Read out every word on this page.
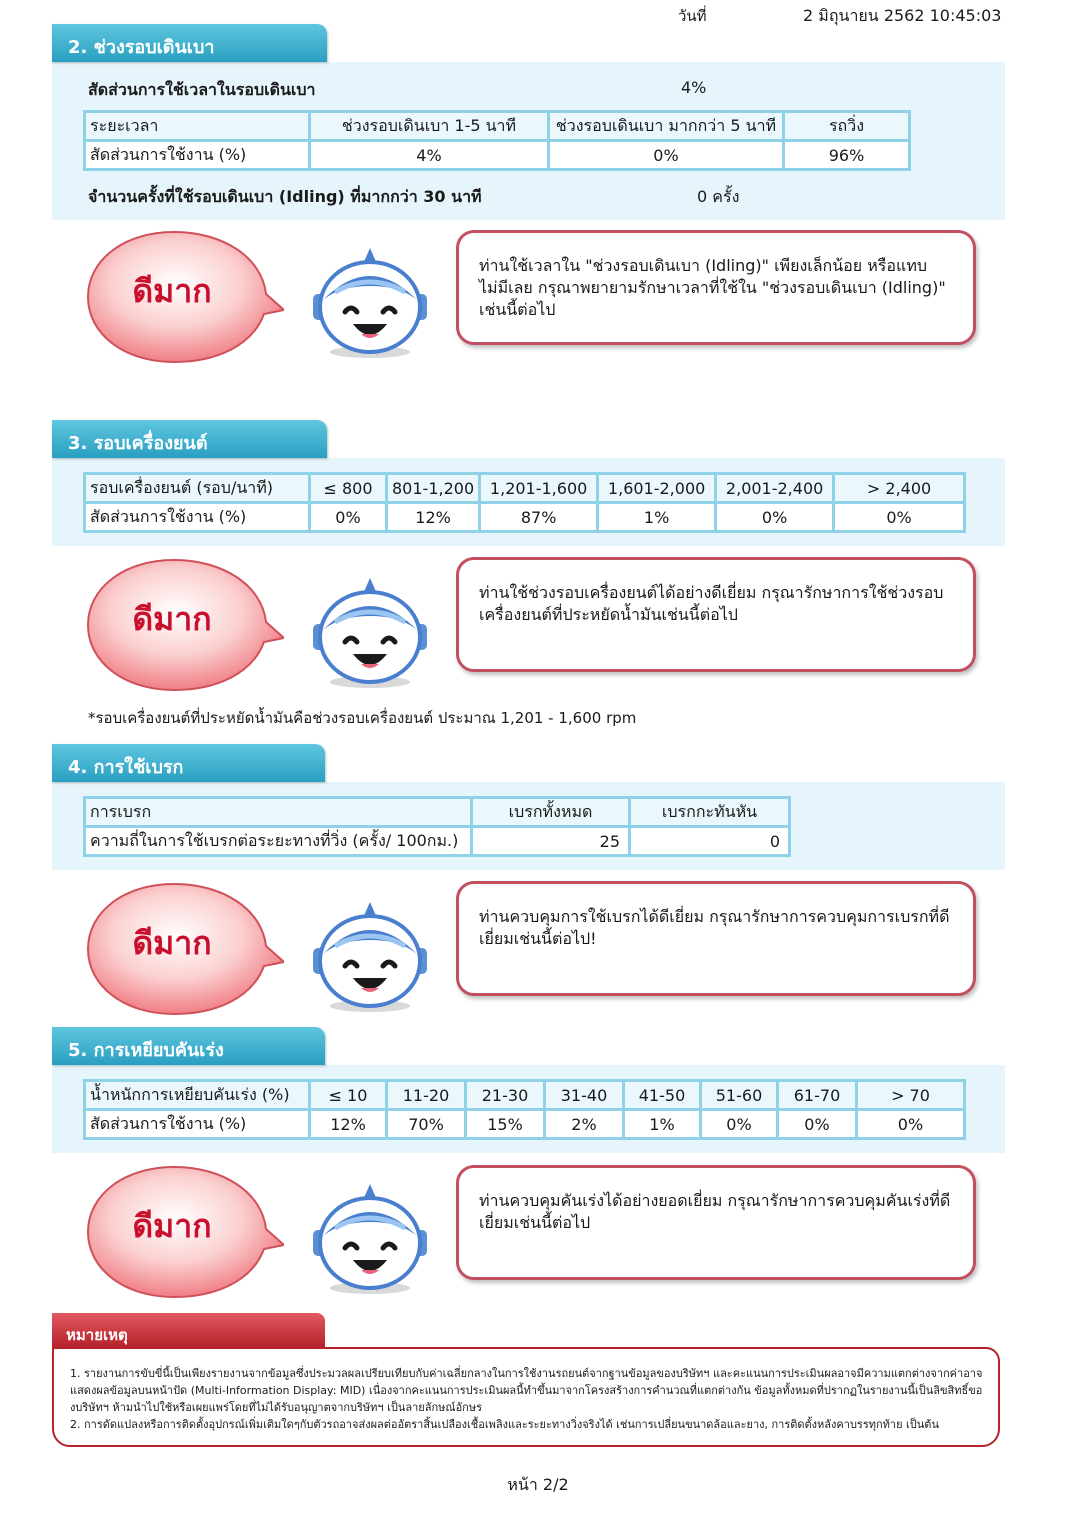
วันที่	2 มิถุนายน 2562 10:45:03
2. ช่วงรอบเดินเบา
สัดส่วนการใช้เวลาในรอบเดินเบา	4%
ระยะเวลา	ช่วงรอบเดินเบา 1-5 นาที	ช่วงรอบเดินเบา มากกว่า 5 นาที	รถวิ่ง
สัดส่วนการใช้งาน (%)	4%	0%	96%
จำนวนครั้งที่ใช้รอบเดินเบา (Idling) ที่มากกว่า 30 นาที	0 ครั้ง
ดีมาก
ท่านใช้เวลาใน "ช่วงรอบเดินเบา (Idling)" เพียงเล็กน้อย หรือแทบไม่มีเลย กรุณาพยายามรักษาเวลาที่ใช้ใน "ช่วงรอบเดินเบา (Idling)" เช่นนี้ต่อไป
3. รอบเครื่องยนต์
รอบเครื่องยนต์ (รอบ/นาที)	≤ 800	801-1,200	1,201-1,600	1,601-2,000	2,001-2,400	> 2,400
สัดส่วนการใช้งาน (%)	0%	12%	87%	1%	0%	0%
ดีมาก
ท่านใช้ช่วงรอบเครื่องยนต์ได้อย่างดีเยี่ยม กรุณารักษาการใช้ช่วงรอบเครื่องยนต์ที่ประหยัดน้ำมันเช่นนี้ต่อไป
*รอบเครื่องยนต์ที่ประหยัดน้ำมันคือช่วงรอบเครื่องยนต์ ประมาณ 1,201 - 1,600 rpm
4. การใช้เบรก
การเบรก	เบรกทั้งหมด	เบรกกะทันหัน
ความถี่ในการใช้เบรกต่อระยะทางที่วิ่ง (ครั้ง/ 100กม.)	25	0
ดีมาก
ท่านควบคุมการใช้เบรกได้ดีเยี่ยม กรุณารักษาการควบคุมการเบรกที่ดีเยี่ยมเช่นนี้ต่อไป!
5. การเหยียบคันเร่ง
น้ำหนักการเหยียบคันเร่ง (%)	≤ 10	11-20	21-30	31-40	41-50	51-60	61-70	> 70
สัดส่วนการใช้งาน (%)	12%	70%	15%	2%	1%	0%	0%	0%
ดีมาก
ท่านควบคุมคันเร่งได้อย่างยอดเยี่ยม กรุณารักษาการควบคุมคันเร่งที่ดีเยี่ยมเช่นนี้ต่อไป
หมายเหตุ

1. รายงานการขับขี่นี้เป็นเพียงรายงานจากข้อมูลซึ่งประมวลผลเปรียบเทียบกับค่าเฉลี่ยกลางในการใช้งานรถยนต์จากฐานข้อมูลของบริษัทฯ และคะแนนการประเมินผลอาจมีความแตกต่างจากค่าอาจแสดงผลข้อมูลบนหน้าปัด (Multi-Information Display: MID) เนื่องจากคะแนนการประเมินผลนี้ทำขึ้นมาจากโครงสร้างการคำนวณที่แตกต่างกัน ข้อมูลทั้งหมดที่ปรากฏในรายงานนี้เป็นลิขสิทธิ์ของบริษัทฯ ห้ามนำไปใช้หรือเผยแพร่โดยที่ไม่ได้รับอนุญาตจากบริษัทฯ เป็นลายลักษณ์อักษร

2. การดัดแปลงหรือการติดตั้งอุปกรณ์เพิ่มเติมใดๆกับตัวรถอาจส่งผลต่ออัตราสิ้นเปลืองเชื้อเพลิงและระยะทางวิ่งจริงได้ เช่นการเปลี่ยนขนาดล้อและยาง, การติดตั้งหลังคาบรรทุกท้าย เป็นต้น

หน้า 2/2
